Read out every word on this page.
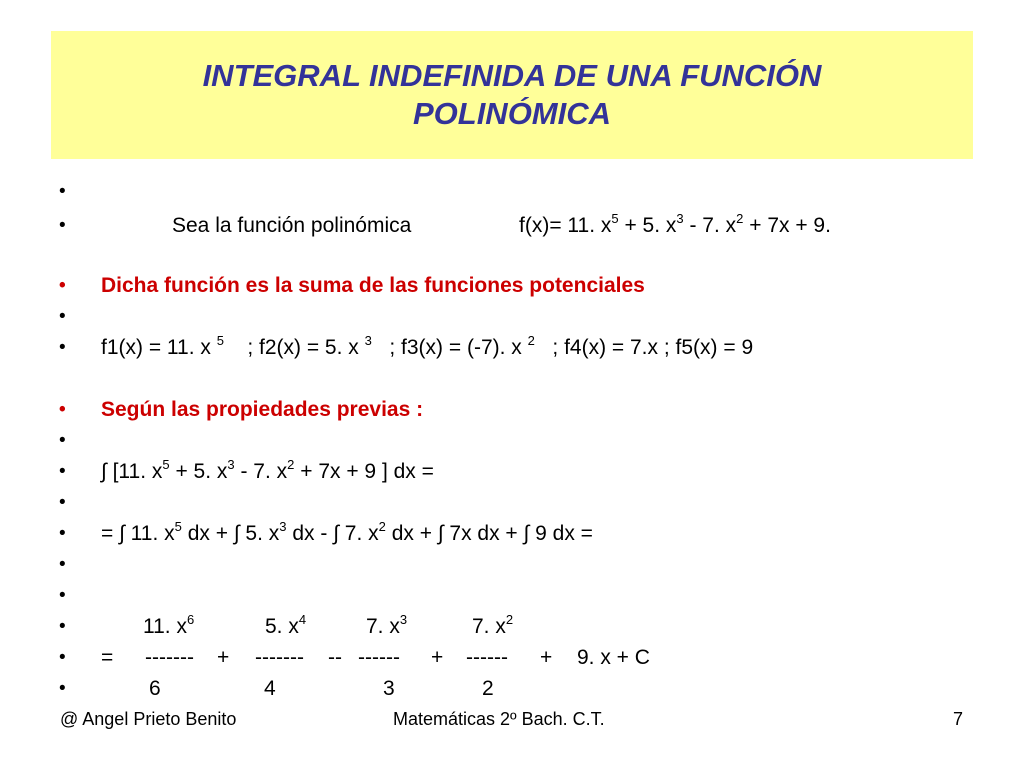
INTEGRAL INDEFINIDA DE UNA FUNCIÓN
POLINÓMICA
•
•	Sea la función polinómica	f(x)= 11. $x^5 + 5$. $x^3 - 7$. $x^2 + 7x + 9$.
• Dicha función es la suma de las funciones potenciales
•
• f1(x) = 11. x $^5$ ; f2(x) = 5. x $^3$ ; f3(x) = (-7). x $^2$ ; f4(x) = 7.x ; f5(x) = 9
• Según las propiedades previas :
•
• ∫ [11. $x^5 + 5$. $x^3 - 7$. $x^2 + 7x + 9$ ] dx =
•
• = ∫ 11. $x^5$ dx + ∫ 5. $x^3$ dx - ∫ 7. $x^2$ dx + ∫ 7x dx + ∫ 9 dx =
•
•
•	11. $x^6$	5. $x^4$	7. $x^3$	7. $x^2$
• = ------- + ------- -- ------ + ------ + 9. x + C
•	6	4	3	2
@ Angel Prieto Benito	Matemáticas 2º Bach. C.T.	7
